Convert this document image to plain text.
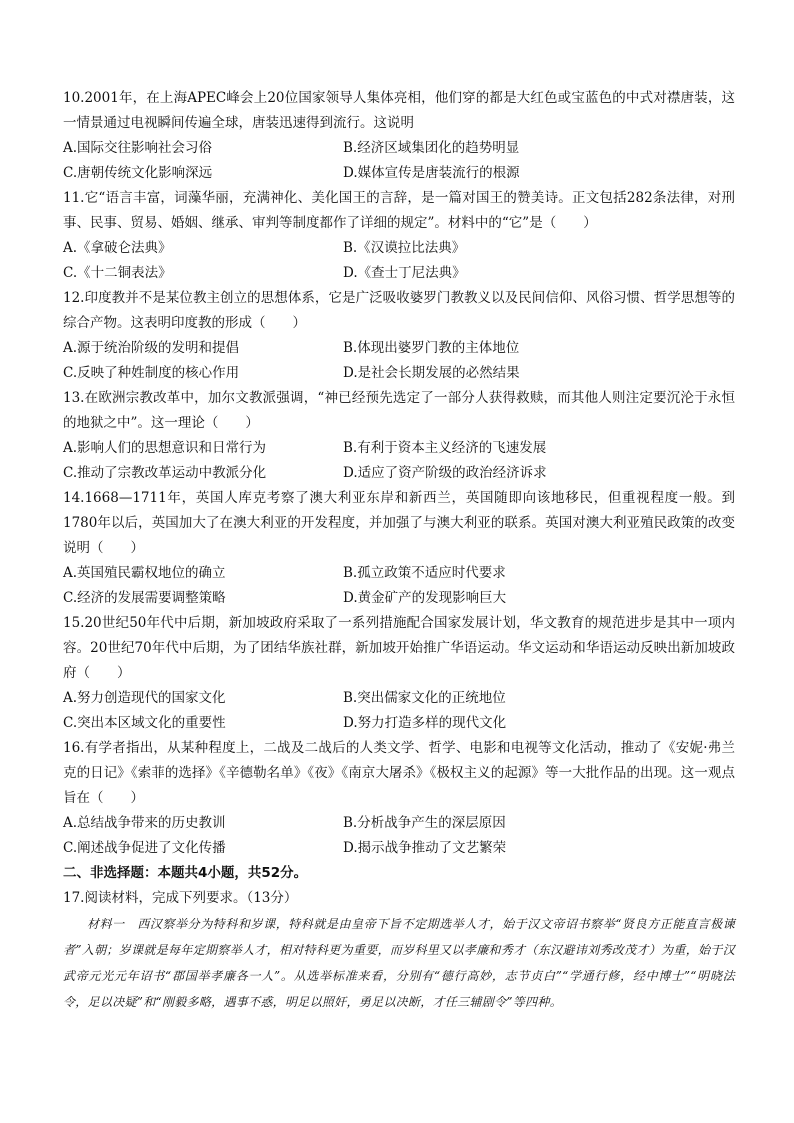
10.2001年，在上海APEC峰会上20位国家领导人集体亮相，他们穿的都是大红色或宝蓝色的中式对襟唐装，这一情景通过电视瞬间传遍全球，唐装迅速得到流行。这说明

A.国际交往影响社会习俗	B.经济区域集团化的趋势明显
C.唐朝传统文化影响深远	D.媒体宣传是唐装流行的根源

11.它“语言丰富，词藻华丽，充满神化、美化国王的言辞，是一篇对国王的赞美诗。正文包括282条法律，对刑事、民事、贸易、婚姻、继承、审判等制度都作了详细的规定”。材料中的“它”是（　　）

A.《拿破仑法典》	B.《汉谟拉比法典》
C.《十二铜表法》	D.《查士丁尼法典》

12.印度教并不是某位教主创立的思想体系，它是广泛吸收婆罗门教教义以及民间信仰、风俗习惯、哲学思想等的综合产物。这表明印度教的形成（　　）

A.源于统治阶级的发明和提倡	B.体现出婆罗门教的主体地位
C.反映了种姓制度的核心作用	D.是社会长期发展的必然结果

13.在欧洲宗教改革中，加尔文教派强调，“神已经预先选定了一部分人获得救赎，而其他人则注定要沉沦于永恒的地狱之中”。这一理论（　　）

A.影响人们的思想意识和日常行为	B.有利于资本主义经济的飞速发展
C.推动了宗教改革运动中教派分化	D.适应了资产阶级的政治经济诉求

14.1668—1711年，英国人库克考察了澳大利亚东岸和新西兰，英国随即向该地移民，但重视程度一般。到1780年以后，英国加大了在澳大利亚的开发程度，并加强了与澳大利亚的联系。英国对澳大利亚殖民政策的改变说明（　　）

A.英国殖民霸权地位的确立	B.孤立政策不适应时代要求
C.经济的发展需要调整策略	D.黄金矿产的发现影响巨大

15.20世纪50年代中后期，新加坡政府采取了一系列措施配合国家发展计划，华文教育的规范进步是其中一项内容。20世纪70年代中后期，为了团结华族社群，新加坡开始推广华语运动。华文运动和华语运动反映出新加坡政府（　　）

A.努力创造现代的国家文化	B.突出儒家文化的正统地位
C.突出本区域文化的重要性	D.努力打造多样的现代文化

16.有学者指出，从某种程度上，二战及二战后的人类文学、哲学、电影和电视等文化活动，推动了《安妮·弗兰克的日记》《索菲的选择》《辛德勒名单》《夜》《南京大屠杀》《极权主义的起源》等一大批作品的出现。这一观点旨在（　　）

A.总结战争带来的历史教训	B.分析战争产生的深层原因
C.阐述战争促进了文化传播	D.揭示战争推动了文艺繁荣

二、非选择题：本题共4小题，共52分。

17.阅读材料，完成下列要求。（13分）

材料一　西汉察举分为特科和岁课，特科就是由皇帝下旨不定期选举人才，始于汉文帝诏书察举“贤良方正能直言极谏者”入朝；岁课就是每年定期察举人才，相对特科更为重要，而岁科里又以孝廉和秀才（东汉避讳刘秀改茂才）为重，始于汉武帝元光元年诏书“郡国举孝廉各一人”。从选举标准来看，分别有“德行高妙，志节贞白”“学通行修，经中博士”“明晓法令，足以决疑”和“刚毅多略，遇事不惑，明足以照奸，勇足以决断，才任三辅剧令”等四种。
